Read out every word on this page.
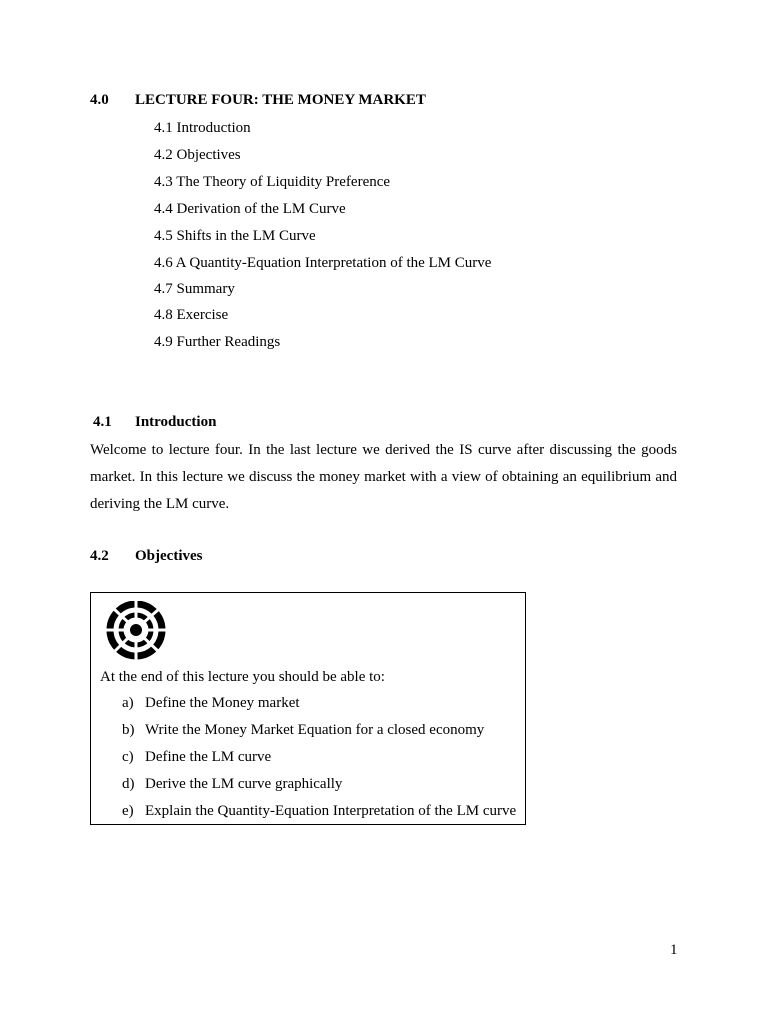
4.0 LECTURE FOUR: THE MONEY MARKET
4.1 Introduction
4.2 Objectives
4.3 The Theory of Liquidity Preference
4.4 Derivation of the LM Curve
4.5 Shifts in the LM Curve
4.6 A Quantity-Equation Interpretation of the LM Curve
4.7 Summary
4.8 Exercise
4.9 Further Readings
4.1 Introduction
Welcome to lecture four. In the last lecture we derived the IS curve after discussing the goods
market. In this lecture we discuss the money market with a view of obtaining an equilibrium and
deriving the LM curve.
4.2 Objectives
At the end of this lecture you should be able to:
a) Define the Money market
b) Write the Money Market Equation for a closed economy
c) Define the LM curve
d) Derive the LM curve graphically
e) Explain the Quantity-Equation Interpretation of the LM curve
1
